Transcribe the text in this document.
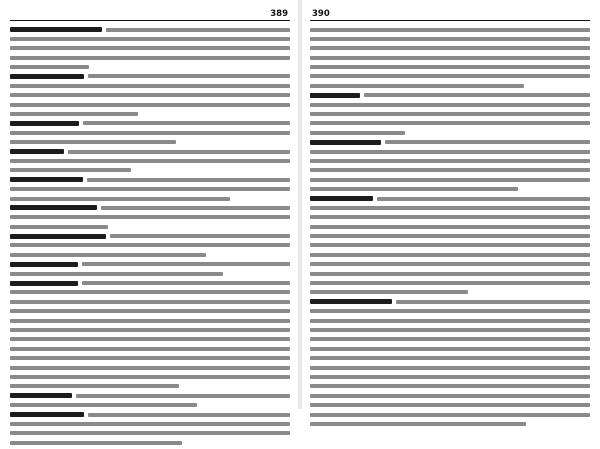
389	390
